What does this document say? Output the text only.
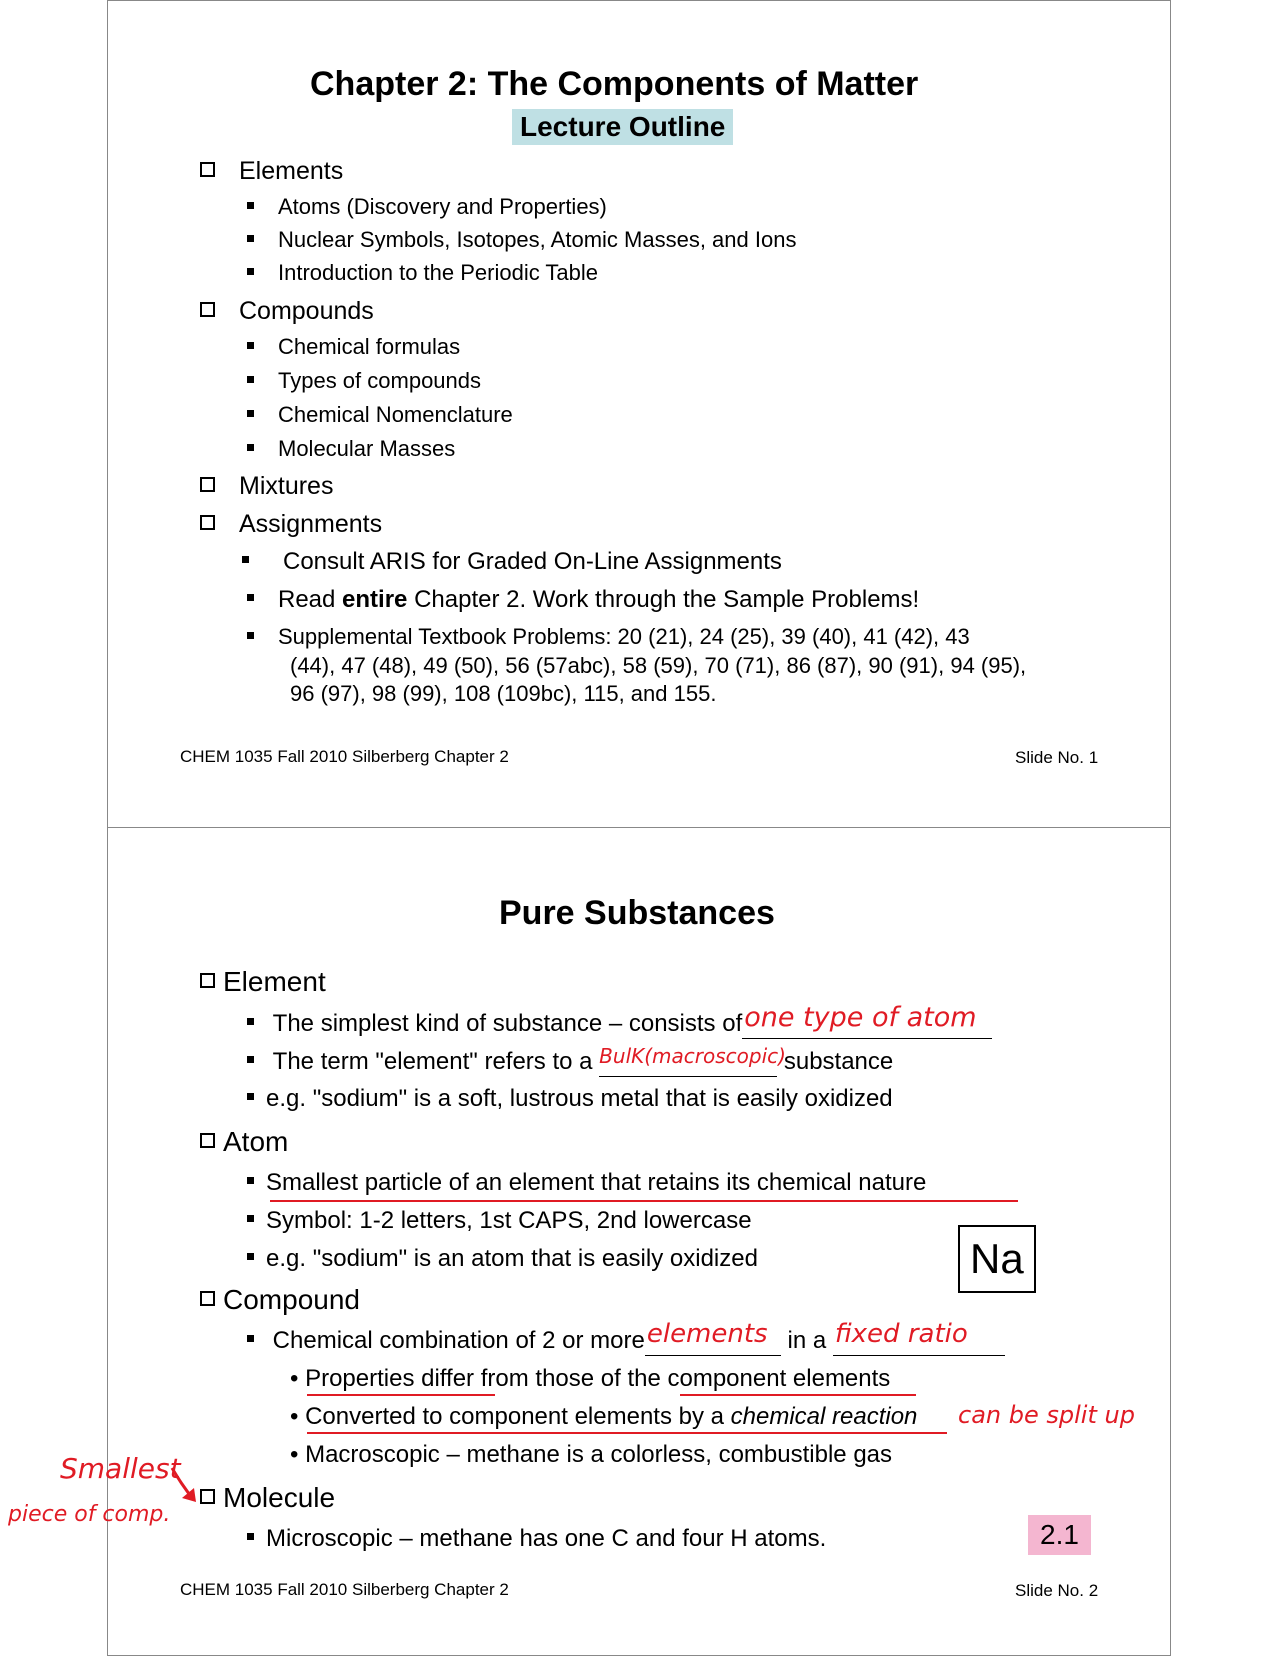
Chapter 2: The Components of Matter
Lecture Outline
Elements
Atoms (Discovery and Properties)
Nuclear Symbols, Isotopes, Atomic Masses, and Ions
Introduction to the Periodic Table
Compounds
Chemical formulas
Types of compounds
Chemical Nomenclature
Molecular Masses
Mixtures
Assignments
Consult ARIS for Graded On-Line Assignments
Read entire Chapter 2. Work through the Sample Problems!
Supplemental Textbook Problems: 20 (21), 24 (25), 39 (40), 41 (42), 43
(44), 47 (48), 49 (50), 56 (57abc), 58 (59), 70 (71), 86 (87), 90 (91), 94 (95),
96 (97), 98 (99), 108 (109bc), 115, and 155.
CHEM 1035 Fall 2010 Silberberg Chapter 2	Slide No. 1
Pure Substances
Element
The simplest kind of substance – consists of one type of atom

The term "element" refers to a BulK(macroscopic)
substance
e.g. "sodium" is a soft, lustrous metal that is easily oxidized
Atom
Smallest particle of an element that retains its chemical nature
Symbol: 1-2 letters, 1st CAPS, 2nd lowercase
e.g. "sodium" is an atom that is easily oxidized	Na
Compound
Chemical combination of 2 or more elements in a fixed ratio

• Properties differ from those of the component elements
• Converted to component elements by a chemical reaction can be split up
• Macroscopic – methane is a colorless, combustible gas
Molecule
Microscopic – methane has one C and four H atoms.	2.1
CHEM 1035 Fall 2010 Silberberg Chapter 2	Slide No. 2
Smallest
piece of comp.
